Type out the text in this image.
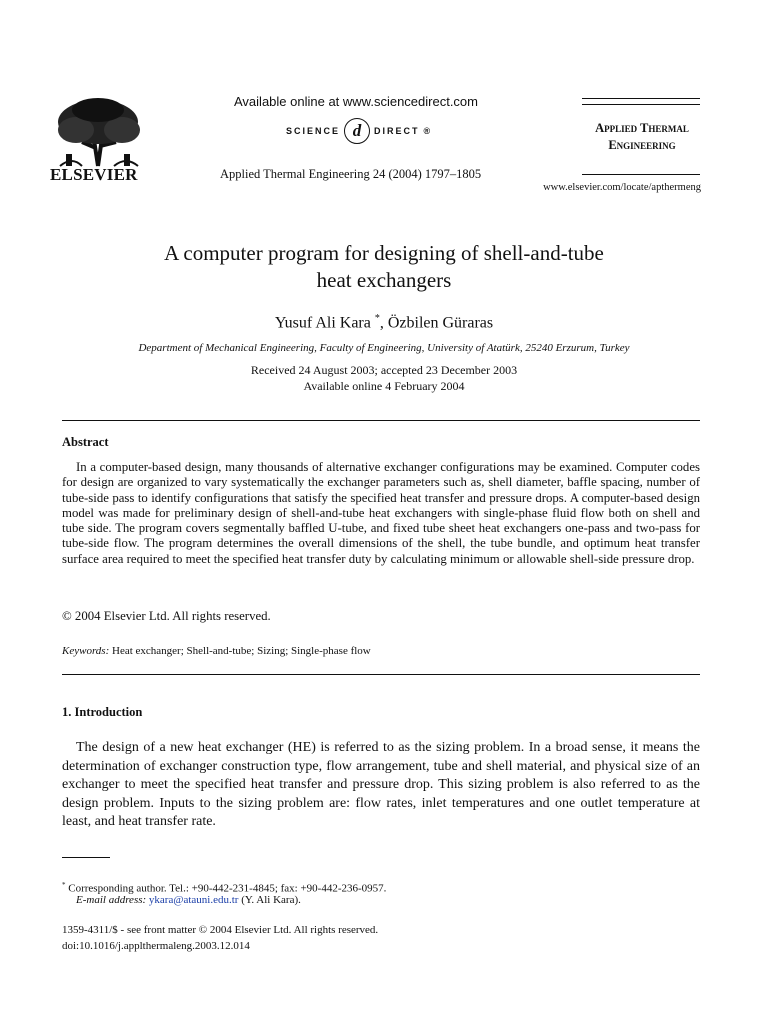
ELSEVIER
Available online at www.sciencedirect.com
SCIENCE d	DIRECT ®
Applied Thermal Engineering 24 (2004) 1797–1805
Applied Thermal
Engineering
www.elsevier.com/locate/apthermeng
A computer program for designing of shell-and-tube
heat exchangers
Yusuf Ali Kara *, Özbilen Güraras
Department of Mechanical Engineering, Faculty of Engineering, University of Atatürk, 25240 Erzurum, Turkey
Received 24 August 2003; accepted 23 December 2003
Available online 4 February 2004
Abstract
In a computer-based design, many thousands of alternative exchanger configurations may be examined. Computer codes for design are organized to vary systematically the exchanger parameters such as, shell diameter, baffle spacing, number of tube-side pass to identify configurations that satisfy the specified heat transfer and pressure drops. A computer-based design model was made for preliminary design of shell-and-tube heat exchangers with single-phase fluid flow both on shell and tube side. The program covers segmentally baffled U-tube, and fixed tube sheet heat exchangers one-pass and two-pass for tube-side flow. The program determines the overall dimensions of the shell, the tube bundle, and optimum heat transfer surface area required to meet the specified heat transfer duty by calculating minimum or allowable shell-side pressure drop.
© 2004 Elsevier Ltd. All rights reserved.
Keywords: Heat exchanger; Shell-and-tube; Sizing; Single-phase flow
1. Introduction
The design of a new heat exchanger (HE) is referred to as the sizing problem. In a broad sense, it means the determination of exchanger construction type, flow arrangement, tube and shell material, and physical size of an exchanger to meet the specified heat transfer and pressure drop. This sizing problem is also referred to as the design problem. Inputs to the sizing problem are: flow rates, inlet temperatures and one outlet temperature at least, and heat transfer rate.
* Corresponding author. Tel.: +90-442-231-4845; fax: +90-442-236-0957.
E-mail address: ykara@atauni.edu.tr (Y. Ali Kara).
1359-4311/$ - see front matter © 2004 Elsevier Ltd. All rights reserved.
doi:10.1016/j.applthermaleng.2003.12.014
